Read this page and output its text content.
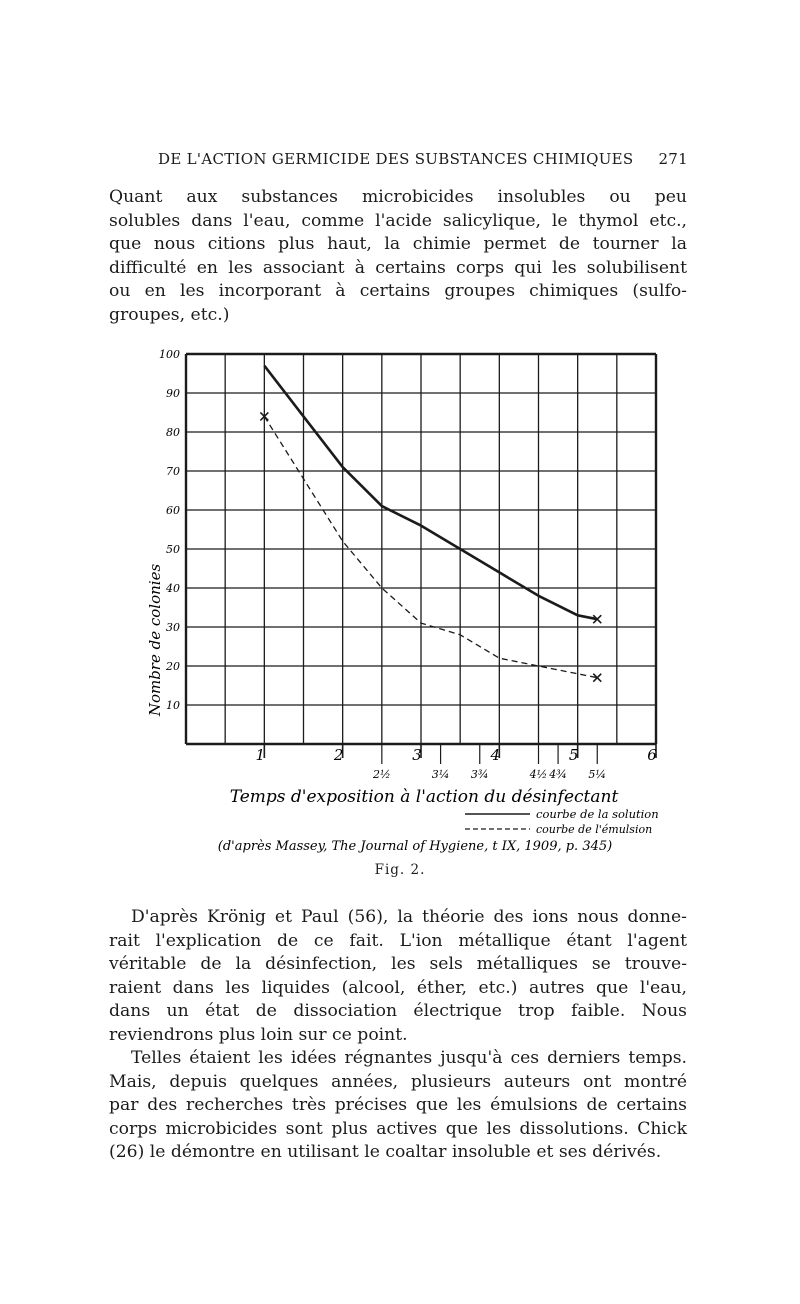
DE L'ACTION GERMICIDE DES SUBSTANCES CHIMIQUES 271
Quant aux substances microbicides insolubles ou peu
solubles dans l'eau, comme l'acide salicylique, le thymol etc.,
que nous citions plus haut, la chimie permet de tourner la
difficulté en les associant à certains corps qui les solubilisent
ou en les incorporant à certains groupes chimiques (sulfo-
groupes, etc.)
100
90
80
70
60
50
40
30
20
10
1	2	3	4	5	6
2½	3¼ 3¾	4½ 4¾ 5¼
Nombre de colonies
Temps d'exposition à l'action du désinfectant
courbe de la solution
courbe de l'émulsion
(d'après Massey, The Journal of Hygiene, t IX, 1909, p. 345)
Fig. 2.
D'après Krönig et Paul (56), la théorie des ions nous donne-
rait l'explication de ce fait. L'ion métallique étant l'agent
véritable de la désinfection, les sels métalliques se trouve-
raient dans les liquides (alcool, éther, etc.) autres que l'eau,
dans un état de dissociation électrique trop faible. Nous
reviendrons plus loin sur ce point.
Telles étaient les idées régnantes jusqu'à ces derniers temps.
Mais, depuis quelques années, plusieurs auteurs ont montré
par des recherches très précises que les émulsions de certains
corps microbicides sont plus actives que les dissolutions. Chick
(26) le démontre en utilisant le coaltar insoluble et ses dérivés.
